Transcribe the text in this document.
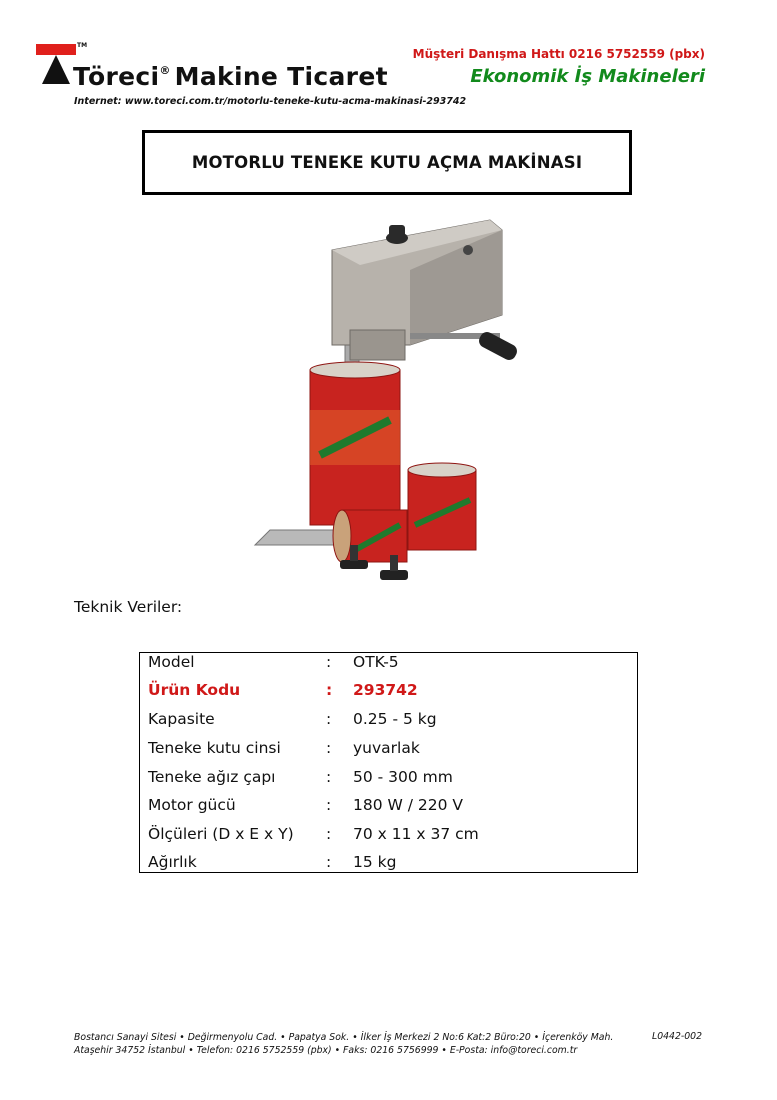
TM
Töreci® Makine Ticaret
Internet: www.toreci.com.tr/motorlu-teneke-kutu-acma-makinasi-293742
Müşteri Danışma Hattı 0216 5752559 (pbx)
Ekonomik İş Makineleri
MOTORLU TENEKE KUTU AÇMA MAKİNASI
Teknik Veriler:
Model	: OTK-5
Ürün Kodu	: 293742
Kapasite	: 0.25 - 5 kg
Teneke kutu cinsi	: yuvarlak
Teneke ağız çapı	: 50 - 300 mm
Motor gücü	: 180 W / 220 V
Ölçüleri (D x E x Y) : 70 x 11 x 37 cm
Ağırlık	: 15 kg
Bostancı Sanayi Sitesi • Değirmenyolu Cad. • Papatya Sok. • İlker İş Merkezi 2 No:6 Kat:2 Büro:20 • İçerenköy Mah.
Ataşehir 34752 İstanbul • Telefon: 0216 5752559 (pbx) • Faks: 0216 5756999 • E-Posta: info@toreci.com.tr
L0442-002
